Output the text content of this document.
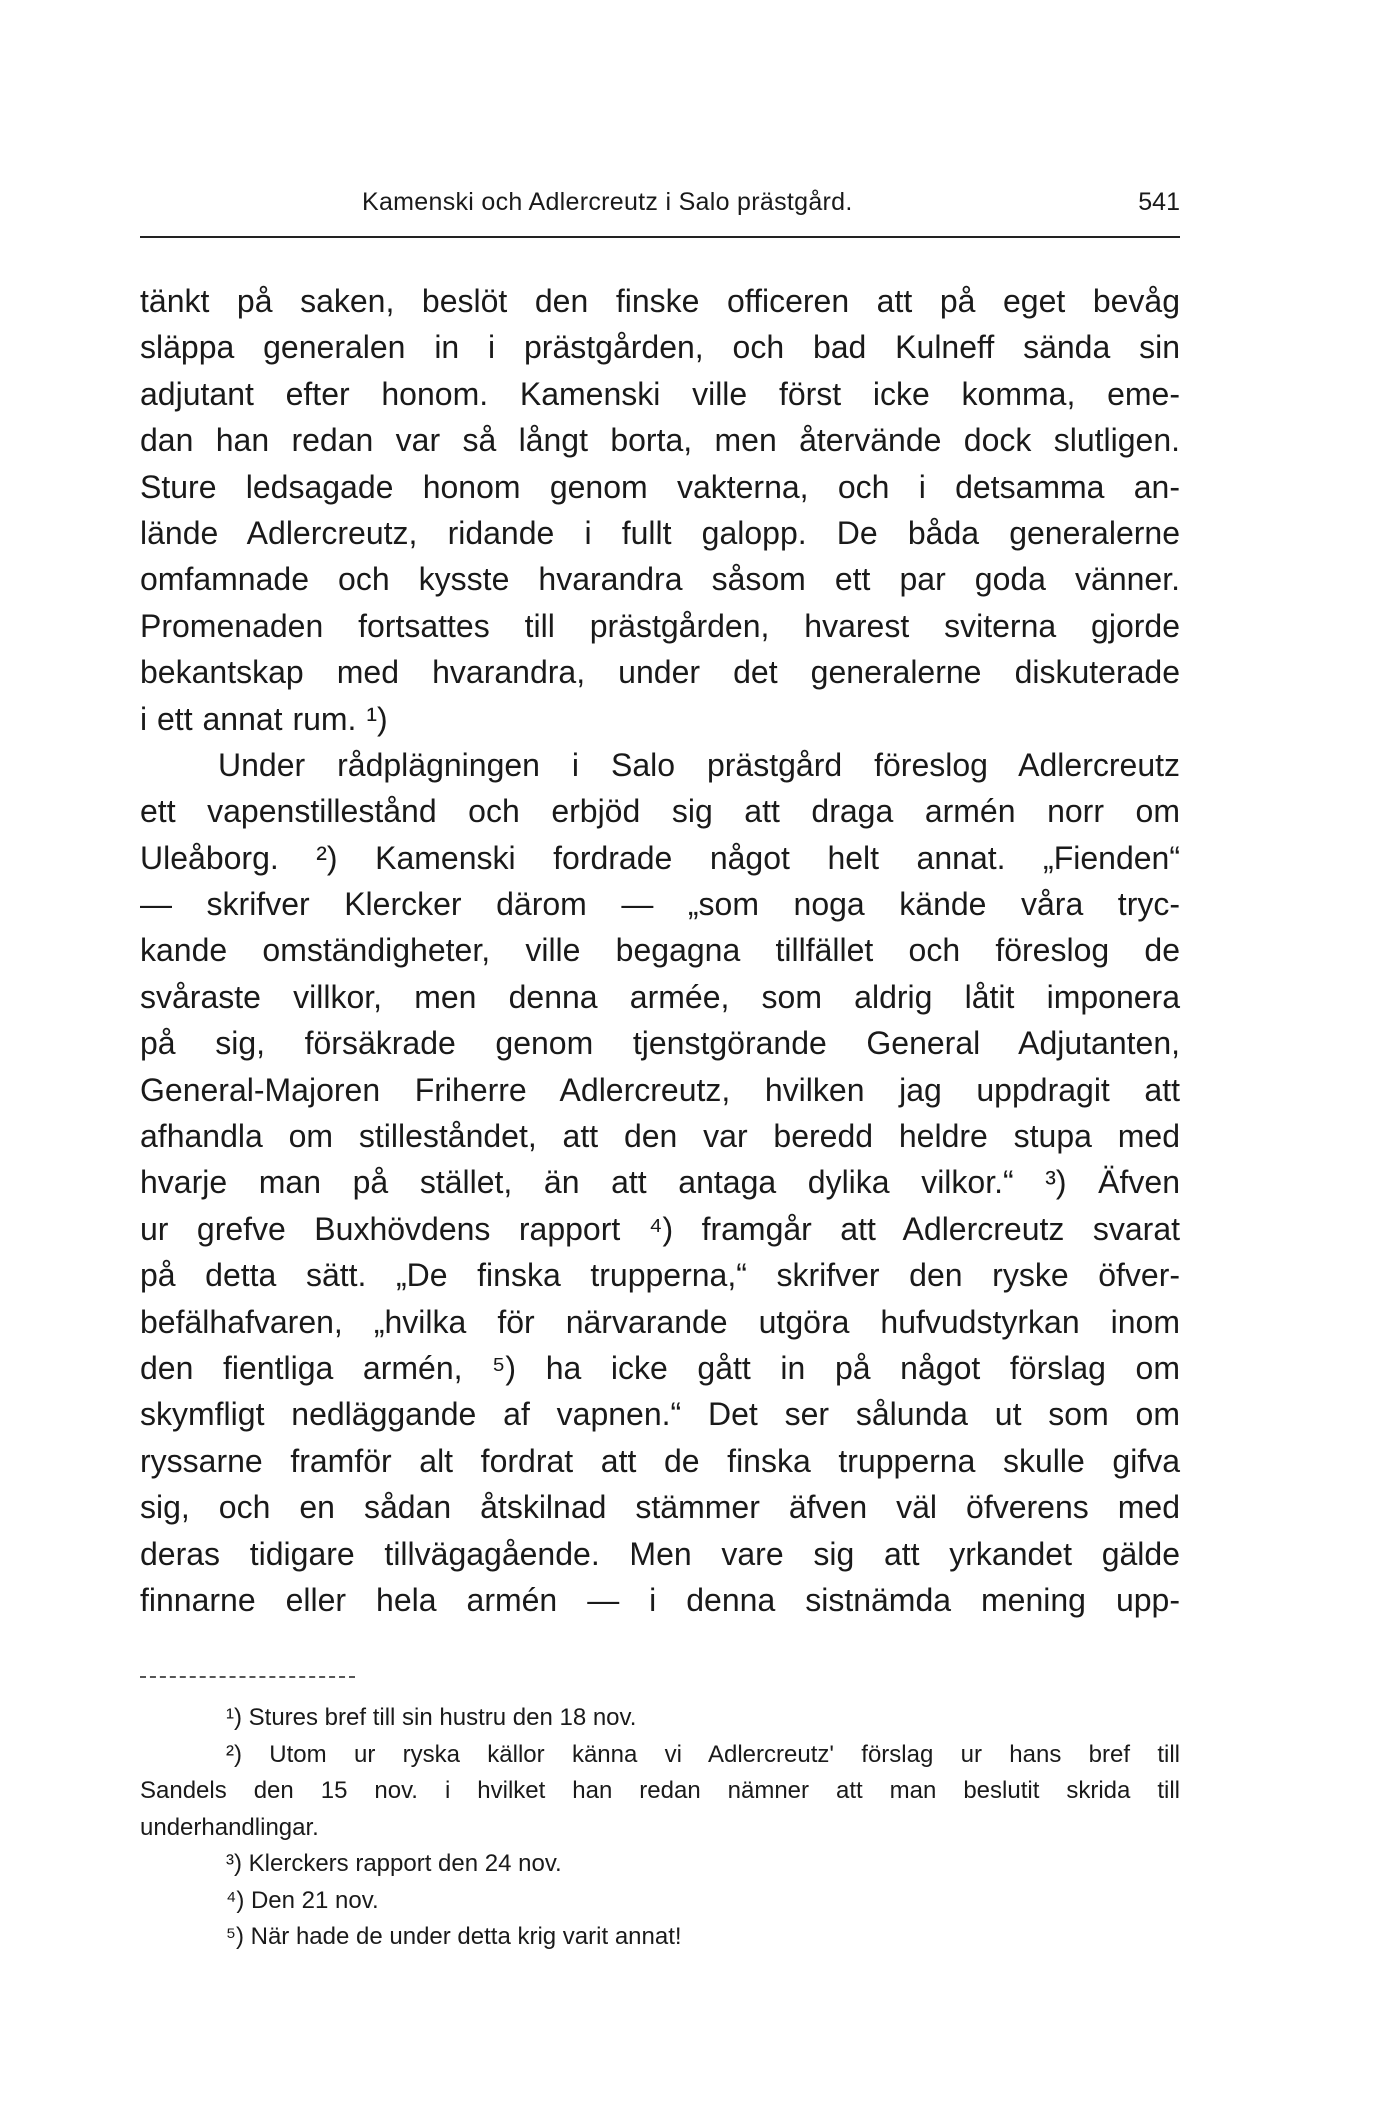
Kamenski och Adlercreutz i Salo prästgård.	541
tänkt på saken, beslöt den finske officeren att på eget bevåg
släppa generalen in i prästgården, och bad Kulneff sända sin
adjutant efter honom. Kamenski ville först icke komma, eme-
dan han redan var så långt borta, men återvände dock slutligen.
Sture ledsagade honom genom vakterna, och i detsamma an-
lände Adlercreutz, ridande i fullt galopp. De båda generalerne
omfamnade och kysste hvarandra såsom ett par goda vänner.
Promenaden fortsattes till prästgården, hvarest sviterna gjorde
bekantskap med hvarandra, under det generalerne diskuterade
i ett annat rum. ¹)
Under rådplägningen i Salo prästgård föreslog Adlercreutz
ett vapenstillestånd och erbjöd sig att draga armén norr om
Uleåborg. ²) Kamenski fordrade något helt annat. „Fienden“
— skrifver Klercker därom — „som noga kände våra tryc-
kande omständigheter, ville begagna tillfället och föreslog de
svåraste villkor, men denna armée, som aldrig låtit imponera
på sig, försäkrade genom tjenstgörande General Adjutanten,
General-Majoren Friherre Adlercreutz, hvilken jag uppdragit att
afhandla om stilleståndet, att den var beredd heldre stupa med
hvarje man på stället, än att antaga dylika vilkor.“ ³) Äfven
ur grefve Buxhövdens rapport ⁴) framgår att Adlercreutz svarat
på detta sätt. „De finska trupperna,“ skrifver den ryske öfver-
befälhafvaren, „hvilka för närvarande utgöra hufvudstyrkan inom
den fientliga armén, ⁵) ha icke gått in på något förslag om
skymfligt nedläggande af vapnen.“ Det ser sålunda ut som om
ryssarne framför alt fordrat att de finska trupperna skulle gifva
sig, och en sådan åtskilnad stämmer äfven väl öfverens med
deras tidigare tillvägagående. Men vare sig att yrkandet gälde
finnarne eller hela armén — i denna sistnämda mening upp-
¹) Stures bref till sin hustru den 18 nov.
²) Utom ur ryska källor känna vi Adlercreutz' förslag ur hans bref till
Sandels den 15 nov. i hvilket han redan nämner att man beslutit skrida till
underhandlingar.
³) Klerckers rapport den 24 nov.
⁴) Den 21 nov.
⁵) När hade de under detta krig varit annat!
